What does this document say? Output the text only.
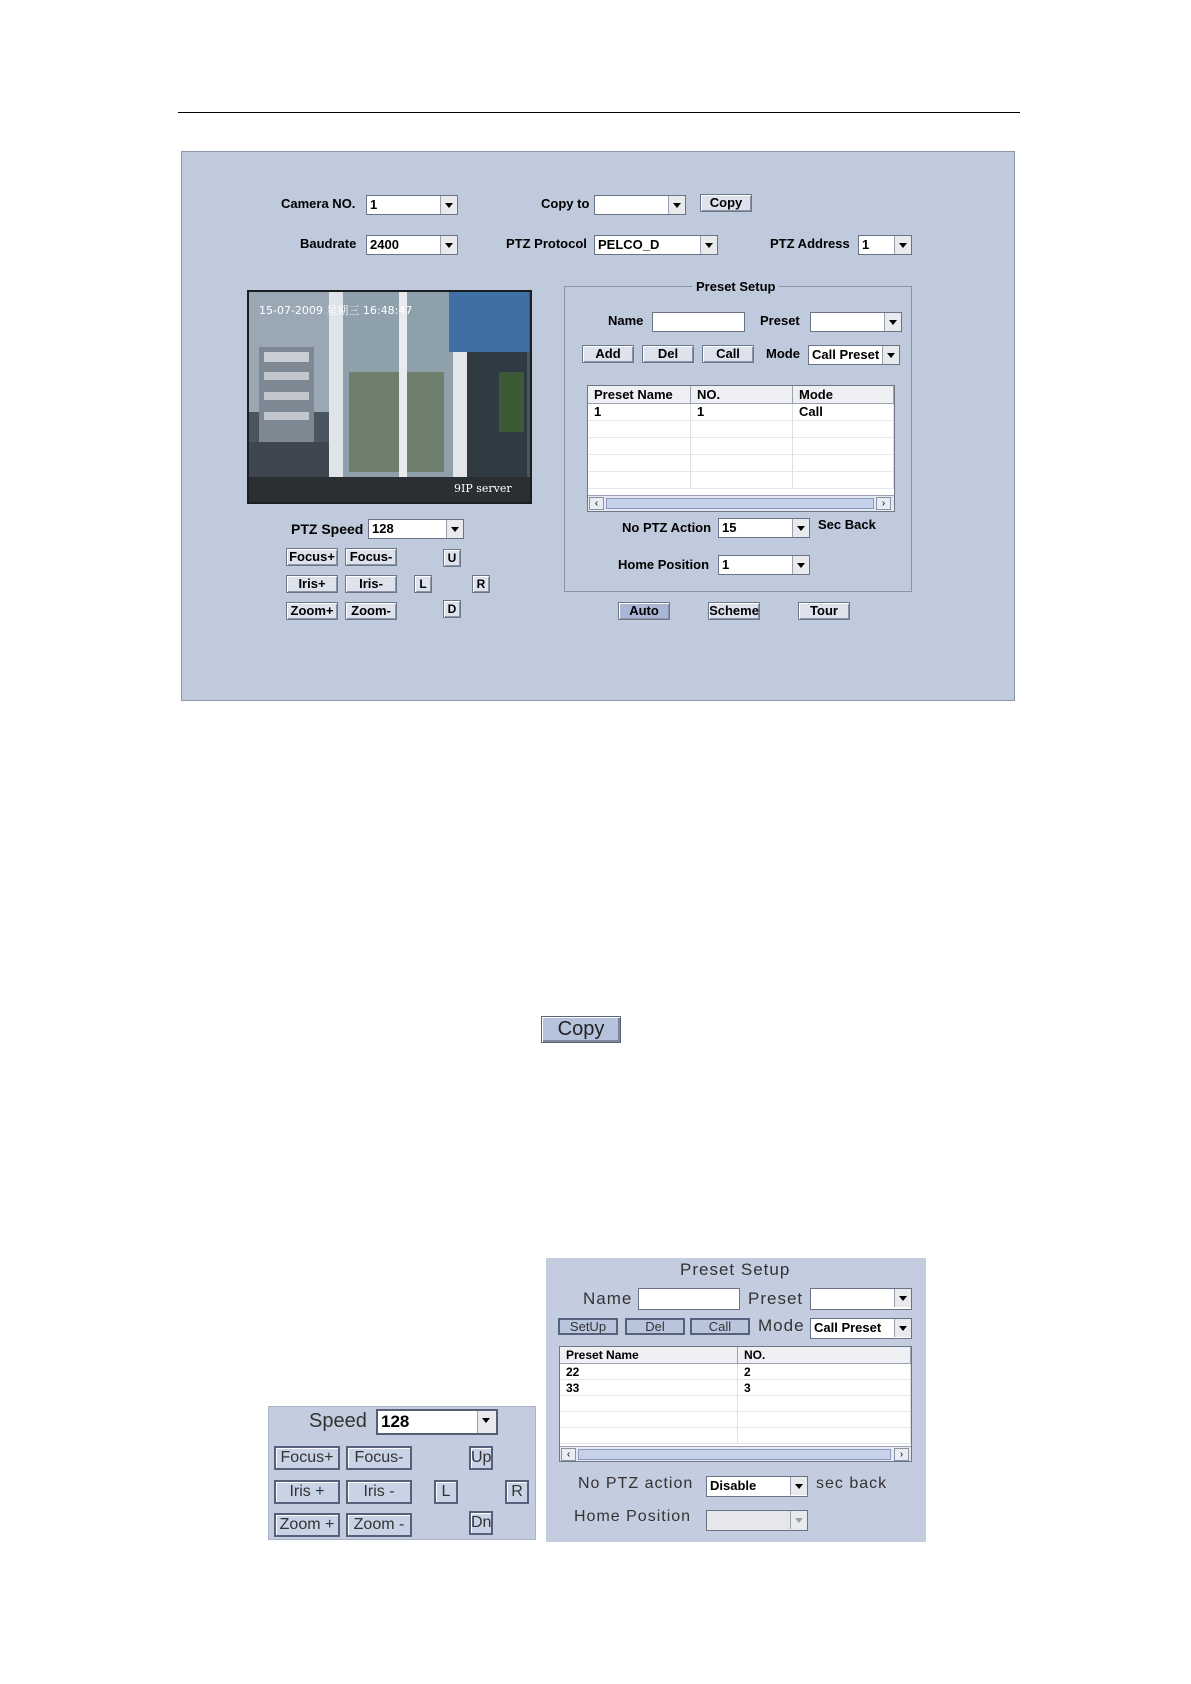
Camera NO.	1	Copy to	Copy
Baudrate	2400	PTZ Protocol PELCO_D	PTZ Address 1
15-07-2009 星期三 16:48:47
9IP server
PTZ Speed 128
Focus+	Focus-
Iris+	Iris-
Zoom+	Zoom-
U
L	R
D
Preset Setup
Name	Preset
Add	Del	Call	Mode Call Preset
Preset Name	NO.	Mode
1	1	Call
‹	›
No PTZ Action 15	Sec Back
Home Position 1
Auto	Scheme	Tour
Copy
Speed 128
Focus+	Focus-
Iris +	Iris -
Zoom +	Zoom -
Up
L	R
Dn
Preset Setup
Name	Preset
SetUp	Del	Call	Mode Call Preset
Preset Name	NO.
22	2
33	3
‹	›
No PTZ action	Disable	sec back
Home Position
